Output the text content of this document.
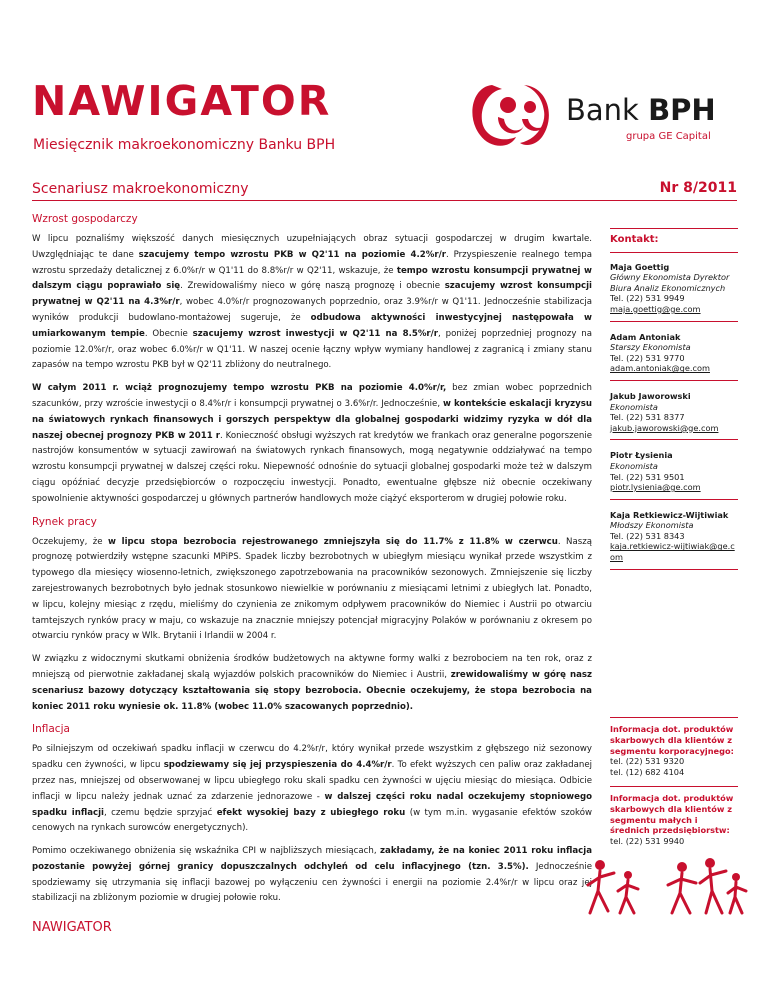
NAWIGATOR
Miesięcznik makroekonomiczny Banku BPH
Bank BPH
grupa GE Capital
Scenariusz makroekonomiczny	Nr 8/2011
Wzrost gospodarczy

W lipcu poznaliśmy większość danych miesięcznych uzupełniających obraz sytuacji gospodarczej w drugim kwartale. Uwzględniając te dane szacujemy tempo wzrostu PKB w Q2'11 na poziomie 4.2%r/r. Przyspieszenie realnego tempa wzrostu sprzedaży detalicznej z 6.0%r/r w Q1'11 do 8.8%r/r w Q2'11, wskazuje, że tempo wzrostu konsumpcji prywatnej w dalszym ciągu poprawiało się. Zrewidowaliśmy nieco w górę naszą prognozę i obecnie szacujemy wzrost konsumpcji prywatnej w Q2'11 na 4.3%r/r, wobec 4.0%r/r prognozowanych poprzednio, oraz 3.9%r/r w Q1'11. Jednocześnie stabilizacja wyników produkcji budowlano-montażowej sugeruje, że odbudowa aktywności inwestycyjnej następowała w umiarkowanym tempie. Obecnie szacujemy wzrost inwestycji w Q2'11 na 8.5%r/r, poniżej poprzedniej prognozy na poziomie 12.0%r/r, oraz wobec 6.0%r/r w Q1'11. W naszej ocenie łączny wpływ wymiany handlowej z zagranicą i zmiany stanu zapasów na tempo wzrostu PKB był w Q2'11 zbliżony do neutralnego.

W całym 2011 r. wciąż prognozujemy tempo wzrostu PKB na poziomie 4.0%r/r, bez zmian wobec poprzednich szacunków, przy wzroście inwestycji o 8.4%r/r i konsumpcji prywatnej o 3.6%r/r. Jednocześnie, w kontekście eskalacji kryzysu na światowych rynkach finansowych i gorszych perspektyw dla globalnej gospodarki widzimy ryzyka w dół dla naszej obecnej prognozy PKB w 2011 r. Konieczność obsługi wyższych rat kredytów we frankach oraz generalne pogorszenie nastrojów konsumentów w sytuacji zawirowań na światowych rynkach finansowych, mogą negatywnie oddziaływać na tempo wzrostu konsumpcji prywatnej w dalszej części roku. Niepewność odnośnie do sytuacji globalnej gospodarki może też w dalszym ciągu opóźniać decyzje przedsiębiorców o rozpoczęciu inwestycji. Ponadto, ewentualne głębsze niż obecnie oczekiwany spowolnienie aktywności gospodarczej u głównych partnerów handlowych może ciążyć eksporterom w drugiej połowie roku.

Rynek pracy

Oczekujemy, że w lipcu stopa bezrobocia rejestrowanego zmniejszyła się do 11.7% z 11.8% w czerwcu. Naszą prognozę potwierdziły wstępne szacunki MPiPS. Spadek liczby bezrobotnych w ubiegłym miesiącu wynikał przede wszystkim z typowego dla miesięcy wiosenno-letnich, zwiększonego zapotrzebowania na pracowników sezonowych. Zmniejszenie się liczby zarejestrowanych bezrobotnych było jednak stosunkowo niewielkie w porównaniu z miesiącami letnimi z ubiegłych lat. Ponadto, w lipcu, kolejny miesiąc z rzędu, mieliśmy do czynienia ze znikomym odpływem pracowników do Niemiec i Austrii po otwarciu tamtejszych rynków pracy w maju, co wskazuje na znacznie mniejszy potencjał migracyjny Polaków w porównaniu z okresem po otwarciu rynków pracy w Wlk. Brytanii i Irlandii w 2004 r.

W związku z widocznymi skutkami obniżenia środków budżetowych na aktywne formy walki z bezrobociem na ten rok, oraz z mniejszą od pierwotnie zakładanej skalą wyjazdów polskich pracowników do Niemiec i Austrii, zrewidowaliśmy w górę nasz scenariusz bazowy dotyczący kształtowania się stopy bezrobocia. Obecnie oczekujemy, że stopa bezrobocia na koniec 2011 roku wyniesie ok. 11.8% (wobec 11.0% szacowanych poprzednio).

Inflacja

Po silniejszym od oczekiwań spadku inflacji w czerwcu do 4.2%r/r, który wynikał przede wszystkim z głębszego niż sezonowy spadku cen żywności, w lipcu spodziewamy się jej przyspieszenia do 4.4%r/r. To efekt wyższych cen paliw oraz zakładanej przez nas, mniejszej od obserwowanej w lipcu ubiegłego roku skali spadku cen żywności w ujęciu miesiąc do miesiąca. Odbicie inflacji w lipcu należy jednak uznać za zdarzenie jednorazowe - w dalszej części roku nadal oczekujemy stopniowego spadku inflacji, czemu będzie sprzyjać efekt wysokiej bazy z ubiegłego roku (w tym m.in. wygasanie efektów szoków cenowych na rynkach surowców energetycznych).

Pomimo oczekiwanego obniżenia się wskaźnika CPI w najbliższych miesiącach, zakładamy, że na koniec 2011 roku inflacja pozostanie powyżej górnej granicy dopuszczalnych odchyleń od celu inflacyjnego (tzn. 3.5%). Jednocześnie spodziewamy się utrzymania się inflacji bazowej po wyłączeniu cen żywności i energii na poziomie 2.4%r/r w lipcu oraz jej stabilizacji na zbliżonym poziomie w drugiej połowie roku.

Kontakt:
Maja Goettig
Główny Ekonomista Dyrektor Biura Analiz Ekonomicznych
Tel. (22) 531 9949
maja.goettig@ge.com
Adam Antoniak
Starszy Ekonomista
Tel. (22) 531 9770
adam.antoniak@ge.com
Jakub Jaworowski
Ekonomista
Tel. (22) 531 8377
jakub.jaworowski@ge.com
Piotr Łysienia
Ekonomista
Tel. (22) 531 9501
piotr.lysienia@ge.com
Kaja Retkiewicz-Wijtiwiak
Młodszy Ekonomista
Tel. (22) 531 8343
kaja.retkiewicz-wijtiwiak@ge.com
Informacja dot. produktów skarbowych dla klientów z segmentu korporacyjnego:
tel. (22) 531 9320
tel. (12) 682 4104
Informacja dot. produktów skarbowych dla klientów z segmentu małych i średnich przedsiębiorstw:
tel. (22) 531 9940
NAWIGATOR
